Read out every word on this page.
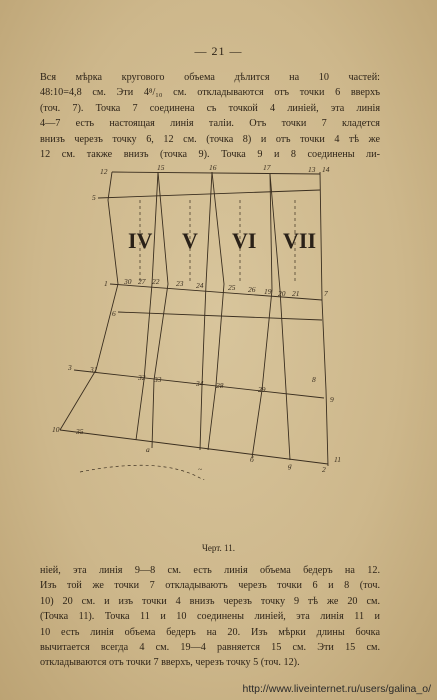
— 21 —
Вся мѣрка кругового объема дѣлится на 10 частей:
48:10=4,8 см. Эти 4⁸/₁₀ см. откладываются отъ точки 6 вверхъ
(точ. 7). Точка 7 соединена съ точкой 4 линiей, эта линiя
4—7 есть настоящая линiя талiи. Отъ точки 7 кладется
внизъ черезъ точку 6, 12 см. (точка 8) и отъ точки 4 тѣ же
12 см. также внизъ (точка 9). Точка 9 и 8 соединены ли-
IV V VI VII
12	15	16	17	13 14
5
1 30 27 22 23 24	25 26 19 20 21	7
6
3 31
32 33	34 28	29
9
8
10 35
a
б
g
11
2
~
Черт. 11.
нiей, эта линiя 9—8 см. есть линiя объема бедеръ на 12.
Изъ той же точки 7 откладываютъ черезъ точки 6 и 8 (точ.
10) 20 см. и изъ точки 4 внизъ черезъ точку 9 тѣ же 20 см.
(Точка 11). Точка 11 и 10 соединены линiей, эта линiя 11 и
10 есть линiя объема бедеръ на 20. Изъ мѣрки длины бочка
вычитается всегда 4 см. 19—4 равняется 15 см. Эти 15 см.
откладываются отъ точки 7 вверхъ, черезъ точку 5 (точ. 12).
http://www.liveinternet.ru/users/galina_o/
